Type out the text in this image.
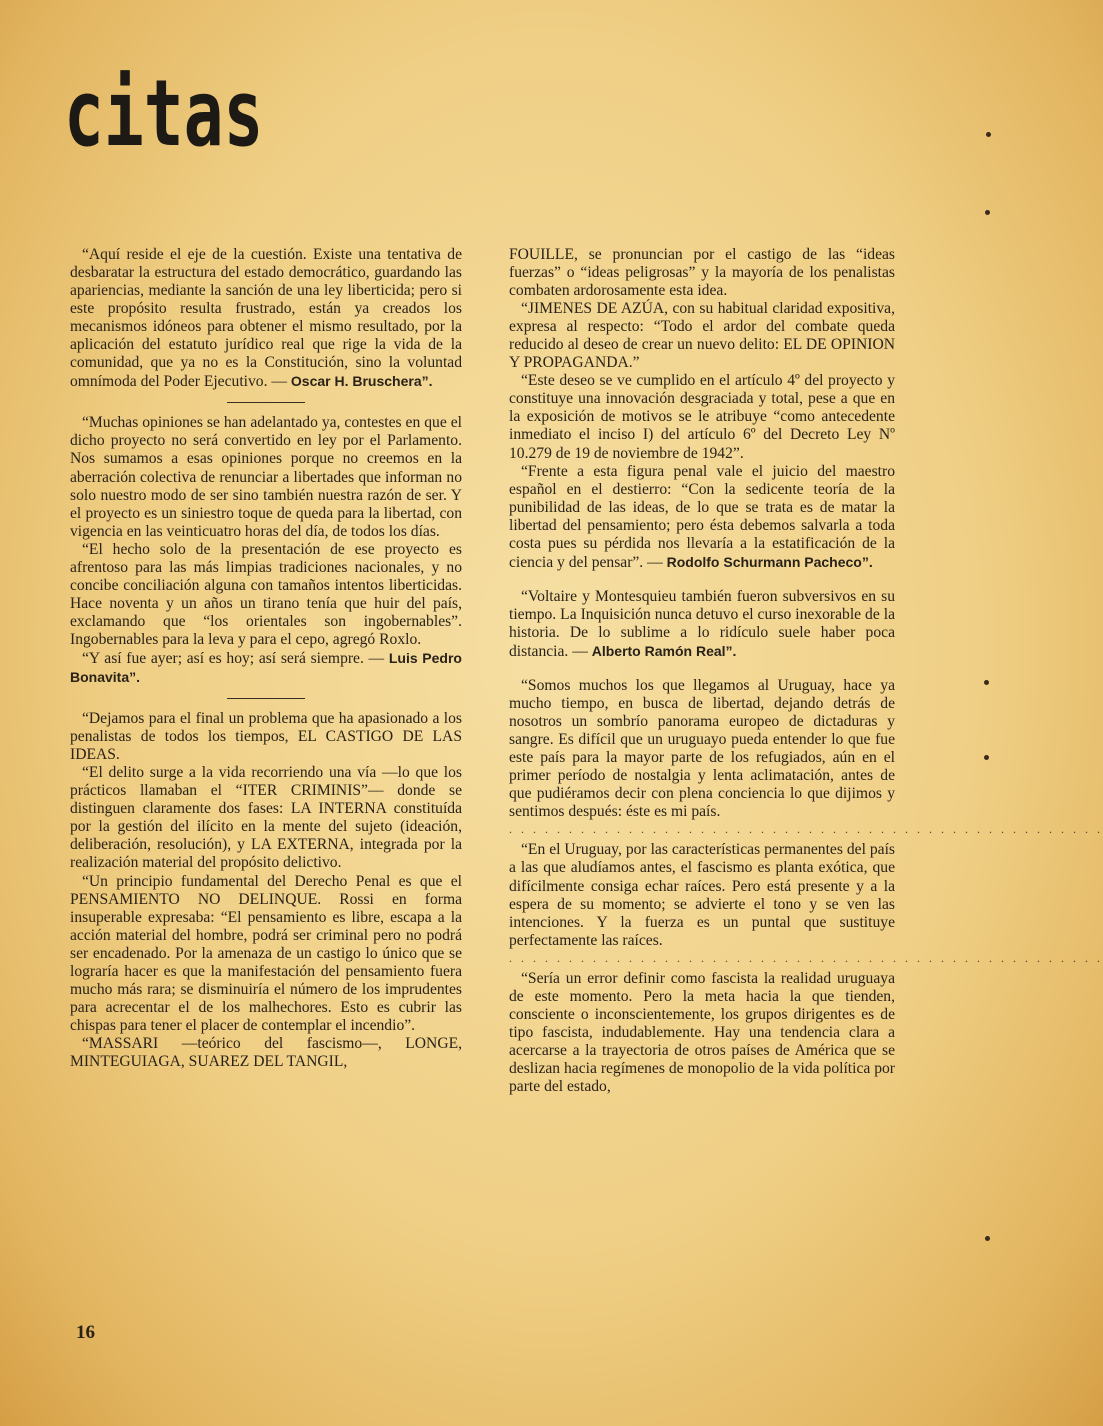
citas

“Aquí reside el eje de la cuestión. Existe una tentativa de desbaratar la estructura del estado democrático, guardando las apariencias, mediante la sanción de una ley liberticida; pero si este propósito resulta frustrado, están ya creados los mecanismos idóneos para obtener el mismo resultado, por la aplicación del estatuto jurídico real que rige la vida de la comunidad, que ya no es la Constitución, sino la voluntad omnímoda del Poder Ejecutivo. — Oscar H. Bruschera”.

“Muchas opiniones se han adelantado ya, contestes en que el dicho proyecto no será convertido en ley por el Parlamento. Nos sumamos a esas opiniones porque no creemos en la aberración colectiva de renunciar a libertades que informan no solo nuestro modo de ser sino también nuestra razón de ser. Y el proyecto es un siniestro toque de queda para la libertad, con vigencia en las veinticuatro horas del día, de todos los días.

“El hecho solo de la presentación de ese proyecto es afrentoso para las más limpias tradiciones nacionales, y no concibe conciliación alguna con tamaños intentos liberticidas. Hace noventa y un años un tirano tenía que huir del país, exclamando que “los orientales son ingobernables”. Ingobernables para la leva y para el cepo, agregó Roxlo.

“Y así fue ayer; así es hoy; así será siempre. — Luis Pedro Bonavita”.

“Dejamos para el final un problema que ha apasionado a los penalistas de todos los tiempos, EL CASTIGO DE LAS IDEAS.

“El delito surge a la vida recorriendo una vía —lo que los prácticos llamaban el “ITER CRIMINIS”— donde se distinguen claramente dos fases: LA INTERNA constituída por la gestión del ilícito en la mente del sujeto (ideación, deliberación, resolución), y LA EXTERNA, integrada por la realización material del propósito delictivo.

“Un principio fundamental del Derecho Penal es que el PENSAMIENTO NO DELINQUE. Rossi en forma insuperable expresaba: “El pensamiento es libre, escapa a la acción material del hombre, podrá ser criminal pero no podrá ser encadenado. Por la amenaza de un castigo lo único que se lograría hacer es que la manifestación del pensamiento fuera mucho más rara; se disminuiría el número de los imprudentes para acrecentar el de los malhechores. Esto es cubrir las chispas para tener el placer de contemplar el incendio”.

“MASSARI —teórico del fascismo—, LONGE, MINTEGUIAGA, SUAREZ DEL TANGIL,

FOUILLE, se pronuncian por el castigo de las “ideas fuerzas” o “ideas peligrosas” y la mayoría de los penalistas combaten ardorosamente esta idea.

“JIMENES DE AZÚA, con su habitual claridad expositiva, expresa al respecto: “Todo el ardor del combate queda reducido al deseo de crear un nuevo delito: EL DE OPINION Y PROPAGANDA.”

“Este deseo se ve cumplido en el artículo 4º del proyecto y constituye una innovación desgraciada y total, pese a que en la exposición de motivos se le atribuye “como antecedente inmediato el inciso I) del artículo 6º del Decreto Ley Nº 10.279 de 19 de noviembre de 1942”.

“Frente a esta figura penal vale el juicio del maestro español en el destierro: “Con la sedicente teoría de la punibilidad de las ideas, de lo que se trata es de matar la libertad del pensamiento; pero ésta debemos salvarla a toda costa pues su pérdida nos llevaría a la estatificación de la ciencia y del pensar”. — Rodolfo Schurmann Pacheco”.

“Voltaire y Montesquieu también fueron subversivos en su tiempo. La Inquisición nunca detuvo el curso inexorable de la historia. De lo sublime a lo ridículo suele haber poca distancia. — Alberto Ramón Real”.

“Somos muchos los que llegamos al Uruguay, hace ya mucho tiempo, en busca de libertad, dejando detrás de nosotros un sombrío panorama europeo de dictaduras y sangre. Es difícil que un uruguayo pueda entender lo que fue este país para la mayor parte de los refugiados, aún en el primer período de nostalgia y lenta aclimatación, antes de que pudiéramos decir con plena conciencia lo que dijimos y sentimos después: éste es mi país.

. . . . . . . . . . . . . . . . . . . . . . . . . . . . . . . . . . . . . . . . . . . . . . . . . .

“En el Uruguay, por las características permanentes del país a las que aludíamos antes, el fascismo es planta exótica, que difícilmente consiga echar raíces. Pero está presente y a la espera de su momento; se advierte el tono y se ven las intenciones. Y la fuerza es un puntal que sustituye perfectamente las raíces.

. . . . . . . . . . . . . . . . . . . . . . . . . . . . . . . . . . . . . . . . . . . . . . . . . .

“Sería un error definir como fascista la realidad uruguaya de este momento. Pero la meta hacia la que tienden, consciente o inconscientemente, los grupos dirigentes es de tipo fascista, indudablemente. Hay una tendencia clara a acercarse a la trayectoria de otros países de América que se deslizan hacia regímenes de monopolio de la vida política por parte del estado,

16
